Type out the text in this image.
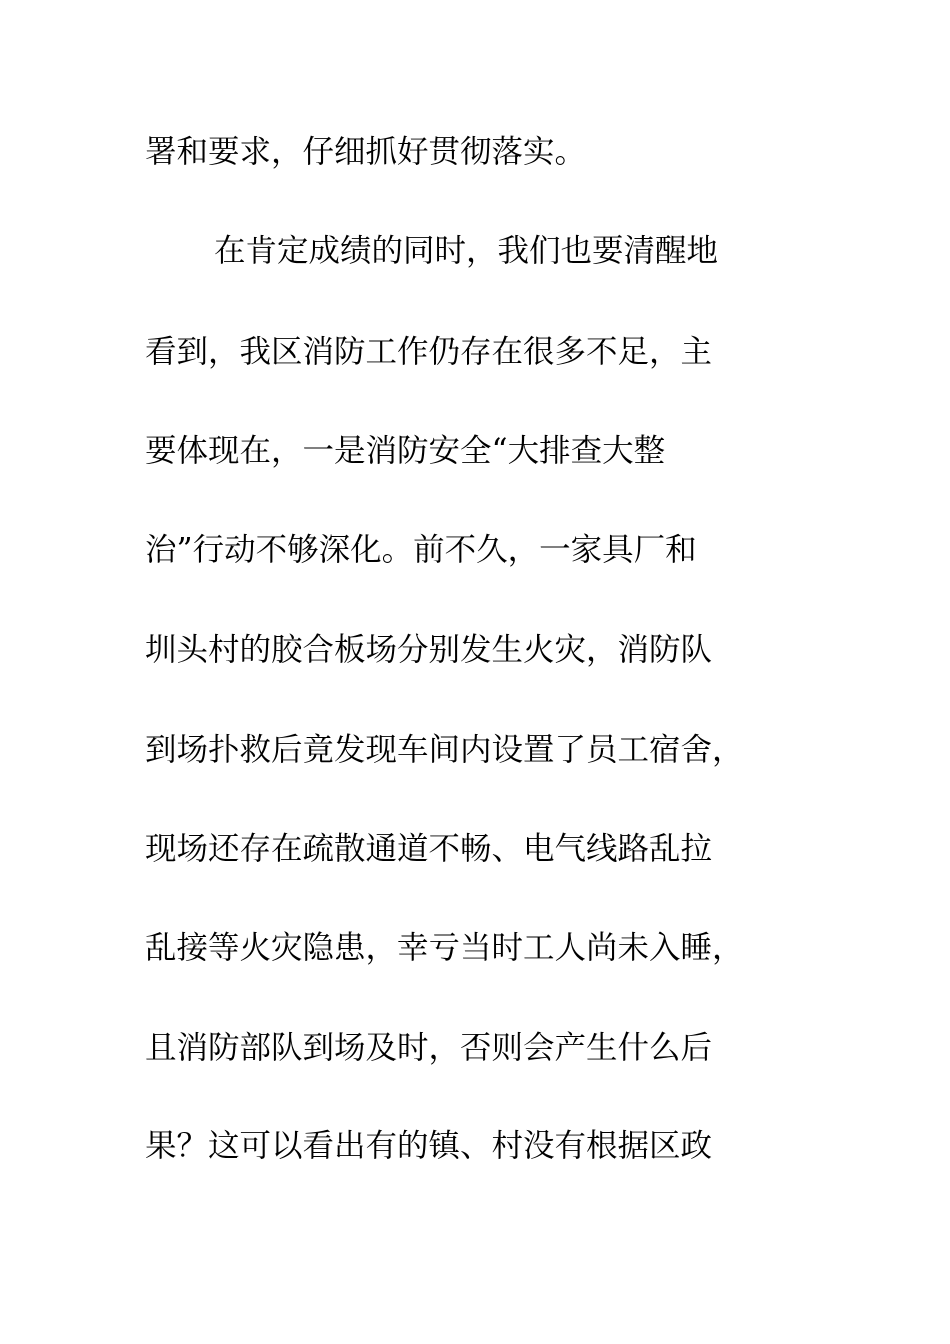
署和要求，仔细抓好贯彻落实。
在肯定成绩的同时，我们也要清醒地
看到，我区消防工作仍存在很多不足，主
要体现在，一是消防安全“大排查大整
治”行动不够深化。前不久，一家具厂和
圳头村的胶合板场分别发生火灾，消防队
到场扑救后竟发现车间内设置了员工宿舍，
现场还存在疏散通道不畅、电气线路乱拉
乱接等火灾隐患，幸亏当时工人尚未入睡，
且消防部队到场及时，否则会产生什么后
果？这可以看出有的镇、村没有根据区政
